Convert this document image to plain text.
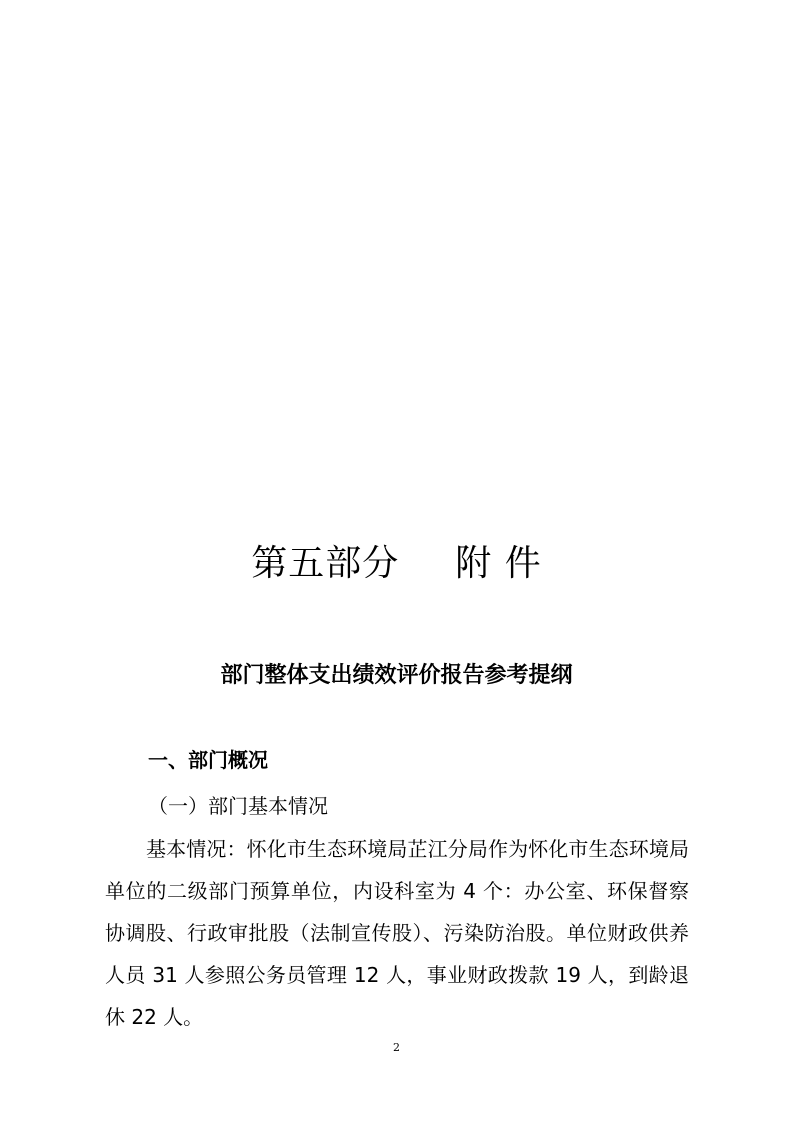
第五部分 附 件
部门整体支出绩效评价报告参考提纲
一、部门概况
（一）部门基本情况

基本情况：怀化市生态环境局芷江分局作为怀化市生态环境局单位的二级部门预算单位，内设科室为 4 个：办公室、环保督察协调股、行政审批股（法制宣传股）、污染防治股。单位财政供养人员 31 人参照公务员管理 12 人，事业财政拨款 19 人，到龄退休 22 人。

2
